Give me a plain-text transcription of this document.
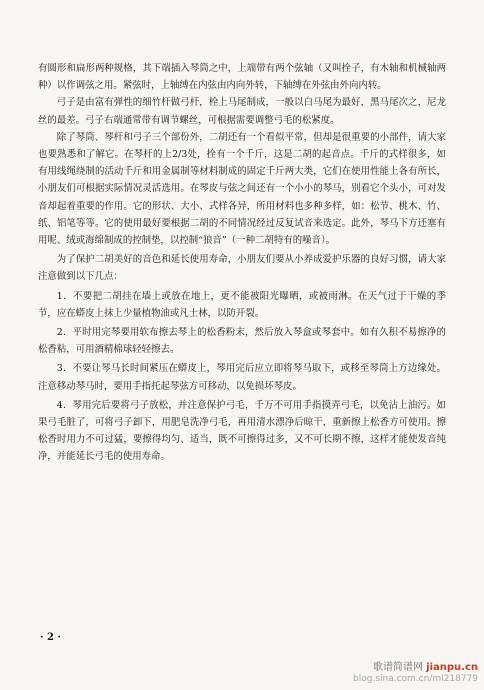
有圆形和扁形两种规格，其下端插入琴筒之中，上端带有两个弦轴（又叫拴子，有木轴和机械轴两种）以作调弦之用。紧弦时，上轴缚在内弦由内向外转，下轴缚在外弦由外向内转。

弓子是由富有弹性的细竹杆做弓杆，栓上马尾制成，一般以白马尾为最好，黑马尾次之，尼龙丝的最差。弓子右端通常带有调节螺丝，可根据需要调整弓毛的松紧度。

除了琴筒、琴杆和弓子三个部份外，二胡还有一个看似平常，但却是很重要的小部件，请大家也要熟悉和了解它。在琴杆的上2/3处，拴有一个千斤，这是二胡的起音点。千斤的式样很多，如有用线绳绕制的活动千斤和用金属制等材料制成的固定千斤两大类，它们在使用性能上各有所长，小朋友们可根据实际情况灵活选用。在琴皮与弦之间还有一个小小的琴马，别看它个头小，可对发音却起着重要的作用。它的形状、大小、式样各异，所用材料也多种多样，如：松节、桃木、竹、纸、铝笔等等。它的使用最好要根据二胡的不同情况经过反复试音来选定。此外，琴马下方还塞有用呢、绒或海绵制成的控制垫，以控制“狼音”（一种二胡特有的噪音）。

为了保护二胡美好的音色和延长使用寿命，小朋友们要从小养成爱护乐器的良好习惯，请大家注意做到以下几点：

1．不要把二胡挂在墙上或放在地上，更不能被阳光曝晒，或被雨淋。在天气过于干燥的季节，应在蟒皮上抹上少量植物油或凡士林，以防开裂。

2．平时用完琴要用软布擦去琴上的松香粉末，然后放入琴盒或琴套中。如有久积不易擦净的松香粘，可用酒精棉球轻轻擦去。

3．不要让琴马长时间紧压在蟒皮上，琴用完后应立即将琴马取下，或移至琴筒上方边缘处。注意移动琴马时，要用手指托起琴弦方可移动，以免损坏琴皮。

4．琴用完后要将弓子放松，并注意保护弓毛，千万不可用手指摸弄弓毛，以免沾上油污。如果弓毛脏了，可将弓子卸下，用肥皂洗净弓毛，再用清水漂净后晾干，重新擦上松香方可使用。擦松香时用力不可过猛，要擦得均匀、适当，既不可擦得过多，又不可长期不擦，这样才能使发音纯净，并能延长弓毛的使用寿命。

· 2 ·
歌谱简谱网 jianpu.cn
blog.sina.com.cn/ml218779
